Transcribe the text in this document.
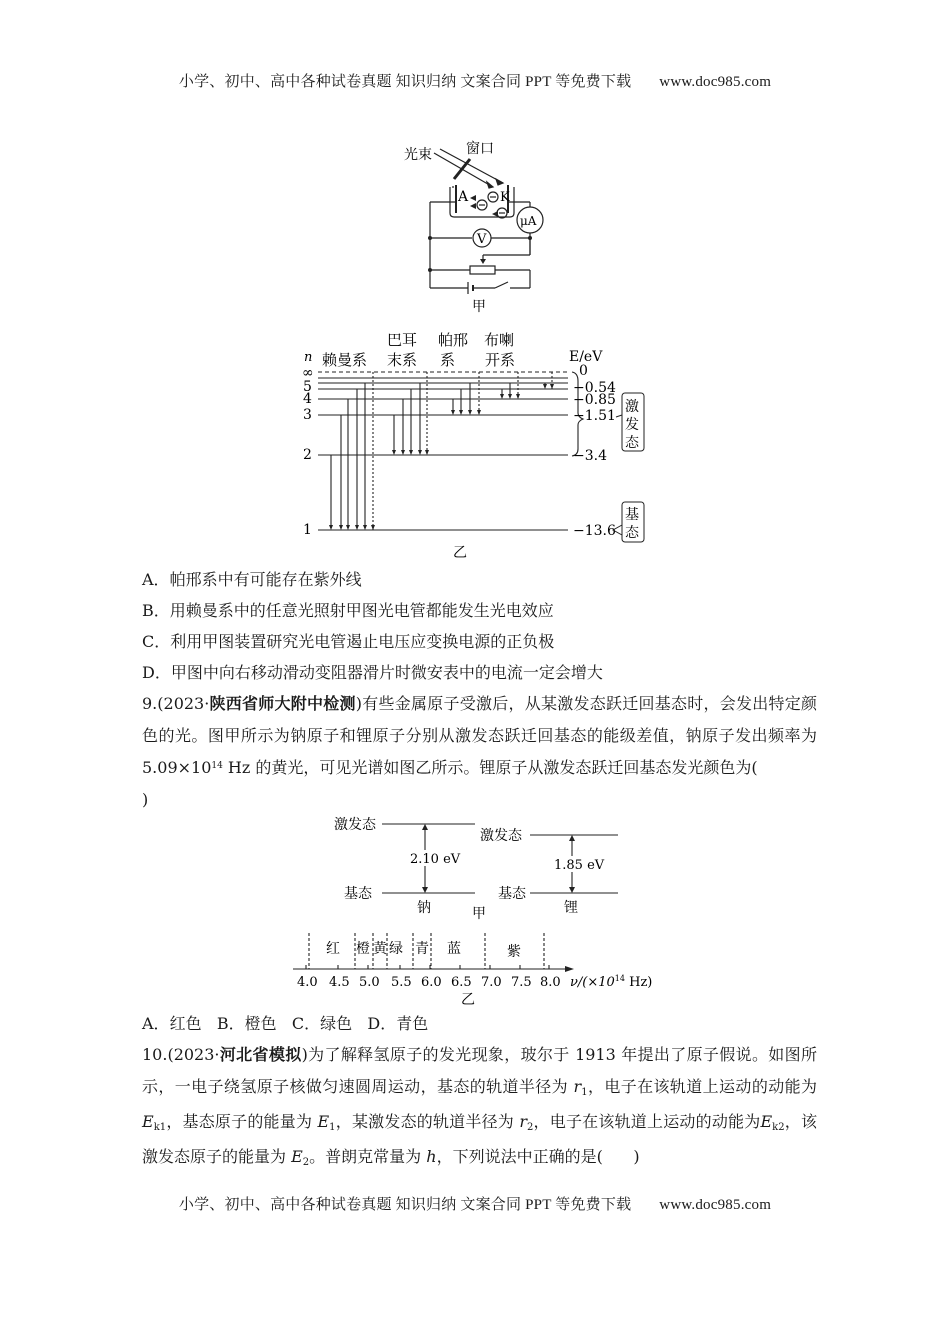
小学、初中、高中各种试卷真题 知识归纳 文案合同 PPT 等免费下载 www.doc985.com
光束 窗口
A K
μA
V
甲
巴耳 帕邢 布喇
n 赖曼系 末系 系 开系	E/eV
∞
5
4
3
2
1
0
−0.54
−0.85
−1.51
−3.4
−13.6
激
发
态
基
态
乙
A．帕邢系中有可能存在紫外线
B．用赖曼系中的任意光照射甲图光电管都能发生光电效应
C．利用甲图装置研究光电管遏止电压应变换电源的正负极
D．甲图中向右移动滑动变阻器滑片时微安表中的电流一定会增大
9.(2023·陕西省师大附中检测)有些金属原子受激后，从某激发态跃迁回基态时，会发出特定颜色的光。图甲所示为钠原子和锂原子分别从激发态跃迁回基态的能级差值，钠原子发出频率为 $5.09\times 10^{14}$ Hz 的黄光，可见光谱如图乙所示。锂原子从激发态跃迁回基态发光颜色为(
)
激发态
2.10 eV
基态
钠
激发态
1.85 eV
基态
锂
甲
红 橙 黄 绿 青 蓝	紫
4.0 4.5 5.0 5.5 6.0 6.5 7.0 7.5 8.0 $\nu/(\times 10^{14}$ Hz)
乙
A．红色 B．橙色 C．绿色 D．青色
10.(2023·河北省模拟)为了解释氢原子的发光现象，玻尔于 1913 年提出了原子假说。如图所示，一电子绕氢原子核做匀速圆周运动，基态的轨道半径为 $r_1$，电子在该轨道上运动的动能为 $E_{k1}$，基态原子的能量为 $E_1$，某激发态的轨道半径为 $r_2$，电子在该轨道上运动的动能为$E_{k2}$，该激发态原子的能量为 $E_2$。普朗克常量为 h，下列说法中正确的是( )
小学、初中、高中各种试卷真题 知识归纳 文案合同 PPT 等免费下载 www.doc985.com
